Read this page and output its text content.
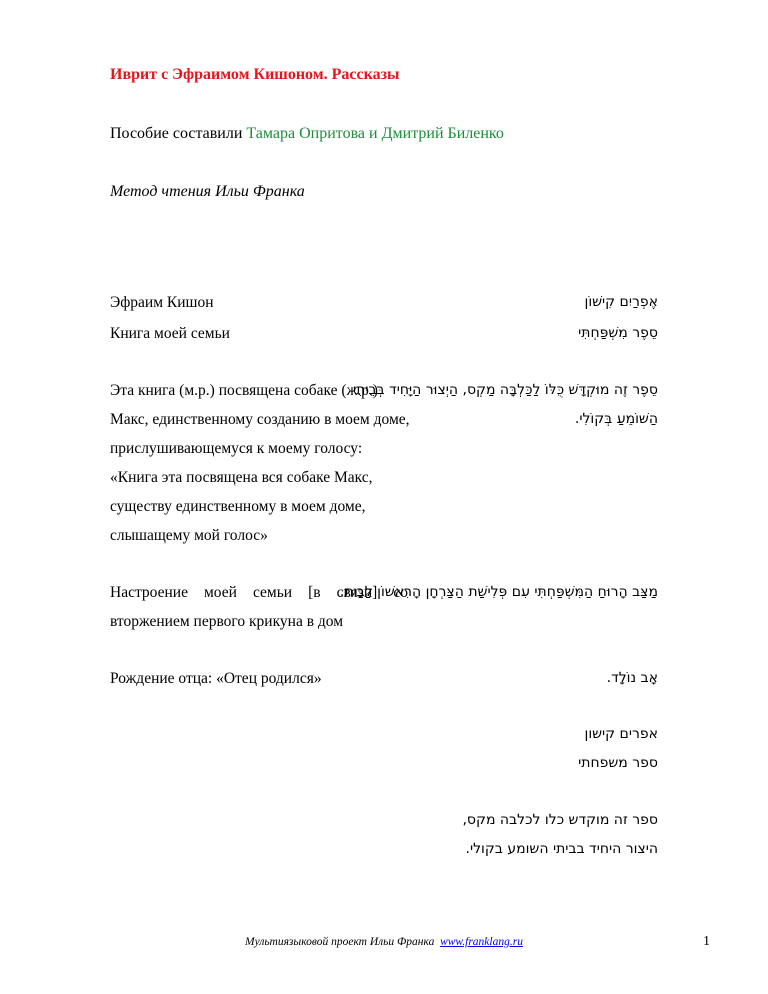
Иврит с Эфраимом Кишоном. Рассказы
Пособие составили Тамара Опритова и Дмитрий Биленко
Метод чтения Ильи Франка
Эфраим Кишон	אֶפְרַיִם קִישׁוֹן
Книга моей семьи	סֵפֶר מִשְׁפַּחְתִּי
Эта книга (м.р.) посвящена собаке (ж.р.) Макс, единственному созданию в моем доме, прислушивающемуся к моему голосу: «Книга эта посвящена вся собаке Макс, существу единственному в моем доме, слышащему мой голос»
סֵפֶר זֶה מוּקְדָּשׁ כֻּלּוֹ לַכַּלְבָּה מַקְס, הַיְצוּר הַיָּחִיד בְּבֵיתִי הַשּׁוֹמֵעַ בְּקוֹלִי.
Настроение моей семьи [в связи] со вторжением первого крикуна в дом
מַצַּב הָרוּחַ הַמִּשְׁפַּחְתִּי עִם פְּלִישַׁת הַצַּרְחָן הָרִאשׁוֹן לַבַּיִת.
Рождение отца: «Отец родился»	אָב נוֹלָד.
אפרים קישון
ספר משפחתי
ספר זה מוקדש כלו לכלבה מקס,
היצור היחיד בביתי השומע בקולי.
Мультиязыковой проект Ильи Франка www.franklang.ru	1
